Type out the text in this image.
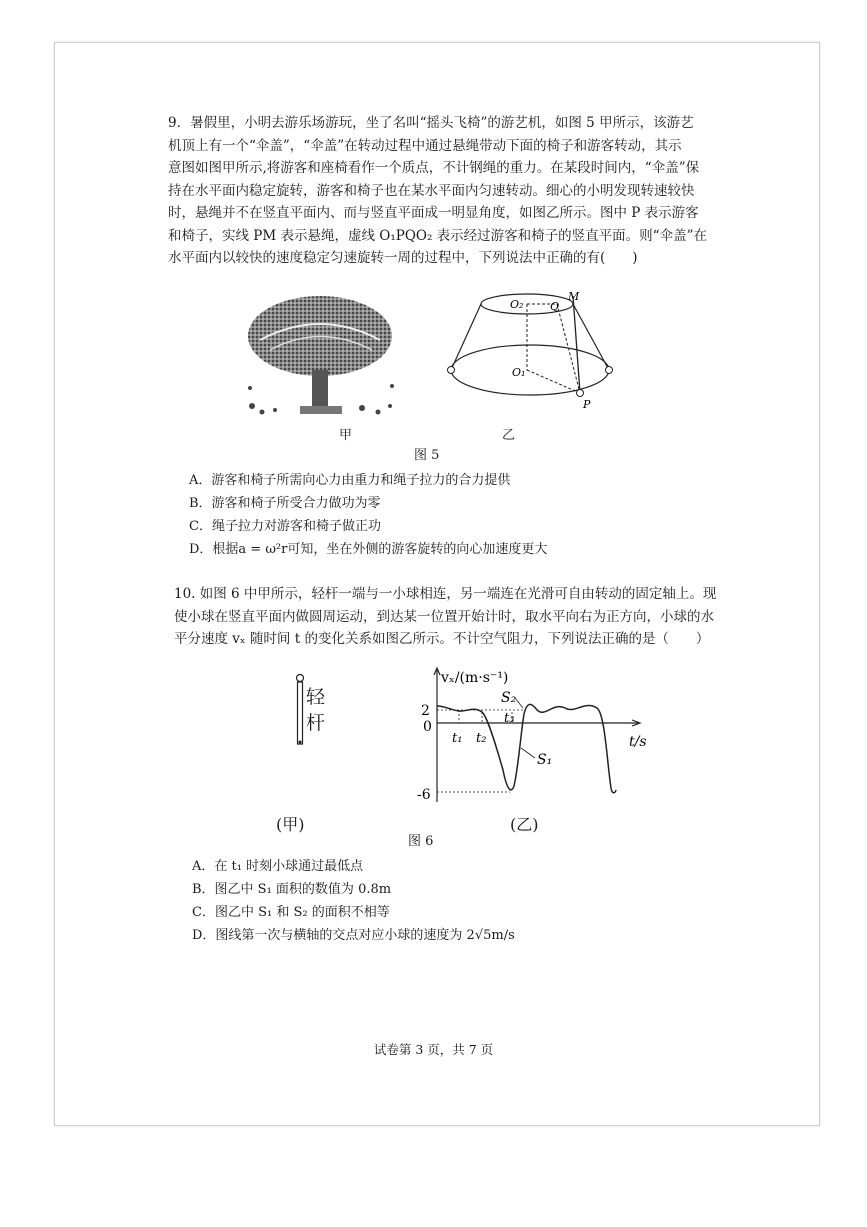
9．暑假里，小明去游乐场游玩，坐了名叫“摇头飞椅”的游艺机，如图 5 甲所示，该游艺

机顶上有一个“伞盖”，“伞盖”在转动过程中通过悬绳带动下面的椅子和游客转动，其示

意图如图甲所示,将游客和座椅看作一个质点，不计钢绳的重力。在某段时间内，“伞盖”保

持在水平面内稳定旋转，游客和椅子也在某水平面内匀速转动。细心的小明发现转速较快

时，悬绳并不在竖直平面内、而与竖直平面成一明显角度，如图乙所示。图中 P 表示游客

和椅子，实线 PM 表示悬绳，虚线 O₁PQO₂ 表示经过游客和椅子的竖直平面。则“伞盖”在

水平面内以较快的速度稳定匀速旋转一周的过程中，下列说法中正确的有(　　)

O₂ Q
M
O₁
P
甲	乙
图 5
A．游客和椅子所需向心力由重力和绳子拉力的合力提供
B．游客和椅子所受合力做功为零
C．绳子拉力对游客和椅子做正功
D．根据a = ω²r可知，坐在外侧的游客旋转的向心加速度更大

10. 如图 6 中甲所示，轻杆一端与一小球相连，另一端连在光滑可自由转动的固定轴上。现

使小球在竖直平面内做圆周运动，到达某一位置开始计时，取水平向右为正方向，小球的水

平分速度 vₓ 随时间 t 的变化关系如图乙所示。不计空气阻力，下列说法正确的是（　　）

轻杆
vₓ/(m·s⁻¹)
t/s
2
0
-6
t₁ t₂
t₃
S₂
S₁
(甲)	(乙)
图 6
A．在 t₁ 时刻小球通过最低点
B．图乙中 S₁ 面积的数值为 0.8m
C．图乙中 S₁ 和 S₂ 的面积不相等
D．图线第一次与横轴的交点对应小球的速度为 2√5m/s
试卷第 3 页，共 7 页
